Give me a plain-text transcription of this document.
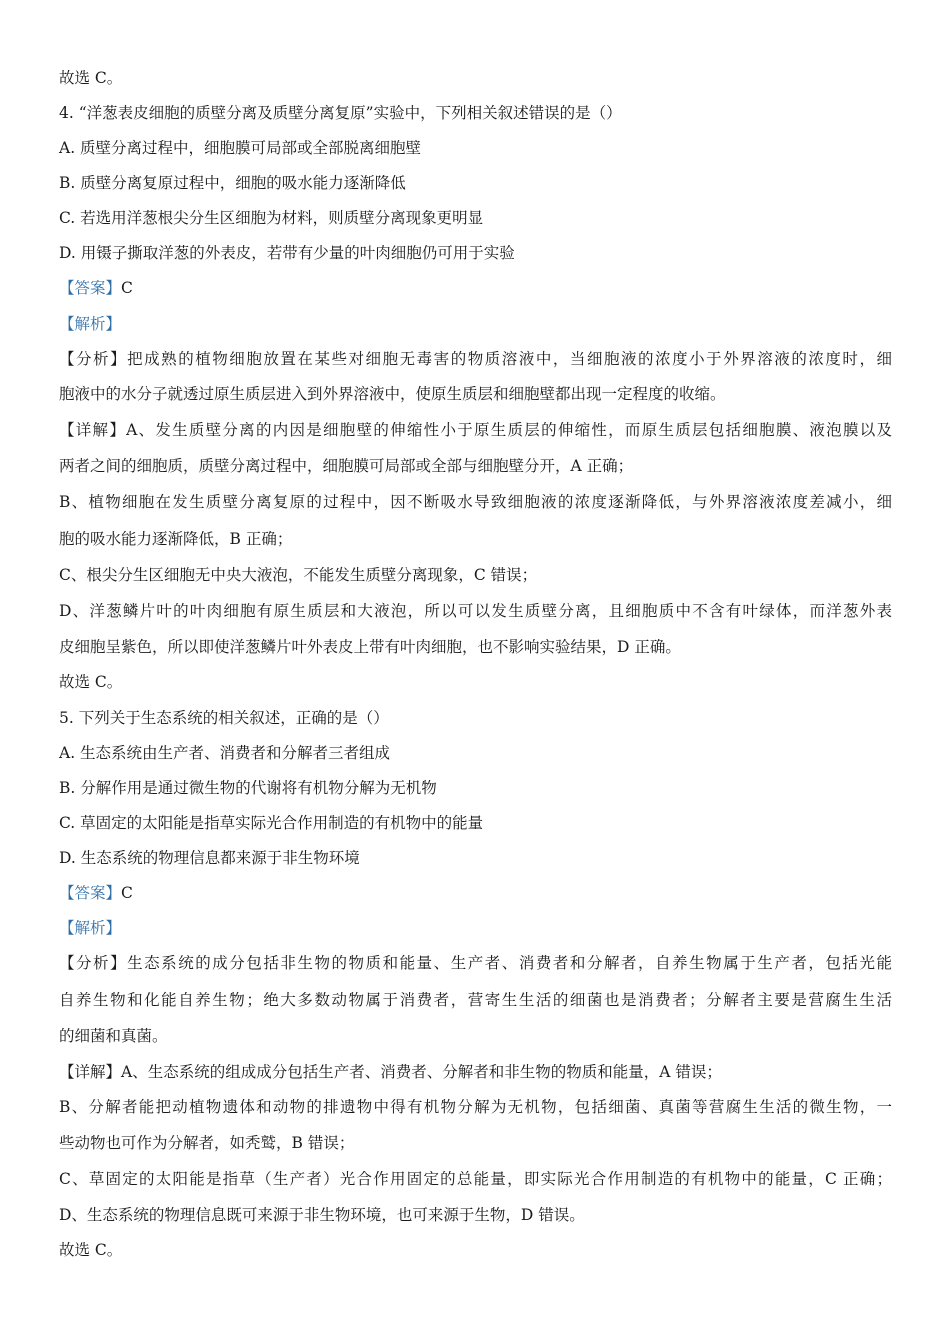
故选 C。
4. “洋葱表皮细胞的质壁分离及质壁分离复原”实验中，下列相关叙述错误的是（）
A. 质壁分离过程中，细胞膜可局部或全部脱离细胞壁
B. 质壁分离复原过程中，细胞的吸水能力逐渐降低
C. 若选用洋葱根尖分生区细胞为材料，则质壁分离现象更明显
D. 用镊子撕取洋葱的外表皮，若带有少量的叶肉细胞仍可用于实验
【答案】C
【解析】
【分析】把成熟的植物细胞放置在某些对细胞无毒害的物质溶液中，当细胞液的浓度小于外界溶液的浓度时，细
胞液中的水分子就透过原生质层进入到外界溶液中，使原生质层和细胞壁都出现一定程度的收缩。
【详解】A、发生质壁分离的内因是细胞壁的伸缩性小于原生质层的伸缩性，而原生质层包括细胞膜、液泡膜以及
两者之间的细胞质，质壁分离过程中，细胞膜可局部或全部与细胞壁分开，A 正确；
B、植物细胞在发生质壁分离复原的过程中，因不断吸水导致细胞液的浓度逐渐降低，与外界溶液浓度差减小，细
胞的吸水能力逐渐降低，B 正确；
C、根尖分生区细胞无中央大液泡，不能发生质壁分离现象，C 错误；
D、洋葱鳞片叶的叶肉细胞有原生质层和大液泡，所以可以发生质壁分离，且细胞质中不含有叶绿体，而洋葱外表
皮细胞呈紫色，所以即使洋葱鳞片叶外表皮上带有叶肉细胞，也不影响实验结果，D 正确。
故选 C。
5. 下列关于生态系统的相关叙述，正确的是（）
A. 生态系统由生产者、消费者和分解者三者组成
B. 分解作用是通过微生物的代谢将有机物分解为无机物
C. 草固定的太阳能是指草实际光合作用制造的有机物中的能量
D. 生态系统的物理信息都来源于非生物环境
【答案】C
【解析】
【分析】生态系统的成分包括非生物的物质和能量、生产者、消费者和分解者，自养生物属于生产者，包括光能
自养生物和化能自养生物；绝大多数动物属于消费者，营寄生生活的细菌也是消费者；分解者主要是营腐生生活
的细菌和真菌。
【详解】A、生态系统的组成成分包括生产者、消费者、分解者和非生物的物质和能量，A 错误；
B、分解者能把动植物遗体和动物的排遗物中得有机物分解为无机物，包括细菌、真菌等营腐生生活的微生物，一
些动物也可作为分解者，如秃鹫，B 错误；
C、草固定的太阳能是指草（生产者）光合作用固定的总能量，即实际光合作用制造的有机物中的能量，C 正确；
D、生态系统的物理信息既可来源于非生物环境，也可来源于生物，D 错误。
故选 C。
